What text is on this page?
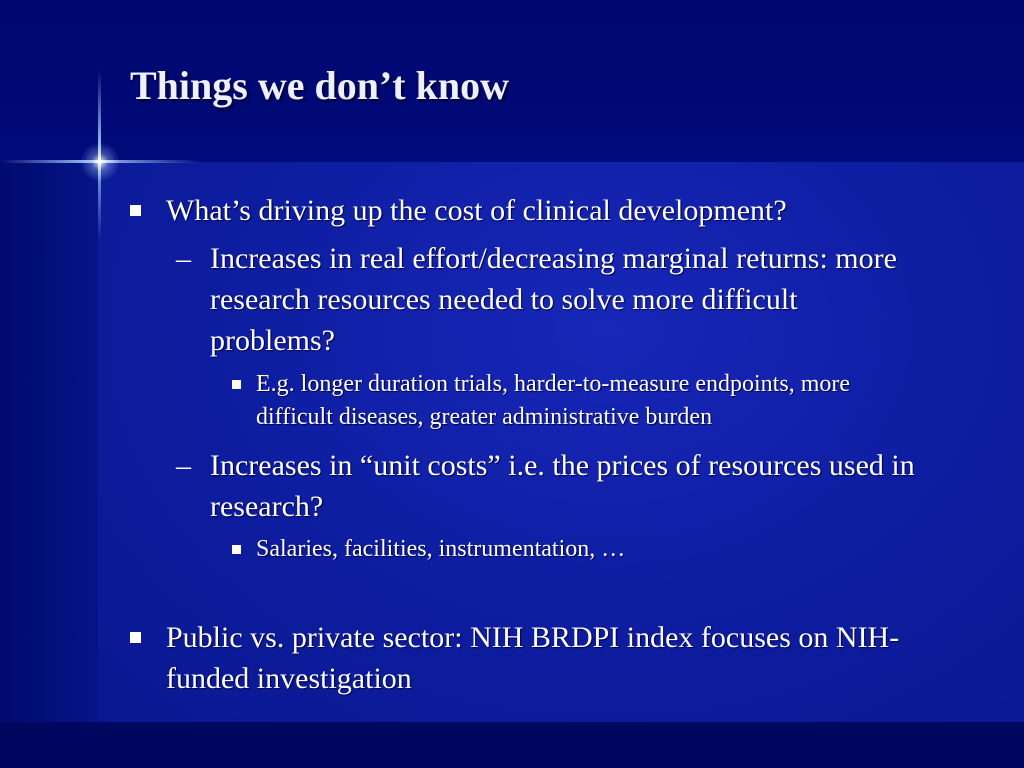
Things we don’t know
What’s driving up the cost of clinical development?
– Increases in real effort/decreasing marginal returns: more research resources needed to solve more difficult problems?
E.g. longer duration trials, harder-to-measure endpoints, more difficult diseases, greater administrative burden
– Increases in “unit costs” i.e. the prices of resources used in research?
Salaries, facilities, instrumentation, …
Public vs. private sector: NIH BRDPI index focuses on NIH-funded investigation
